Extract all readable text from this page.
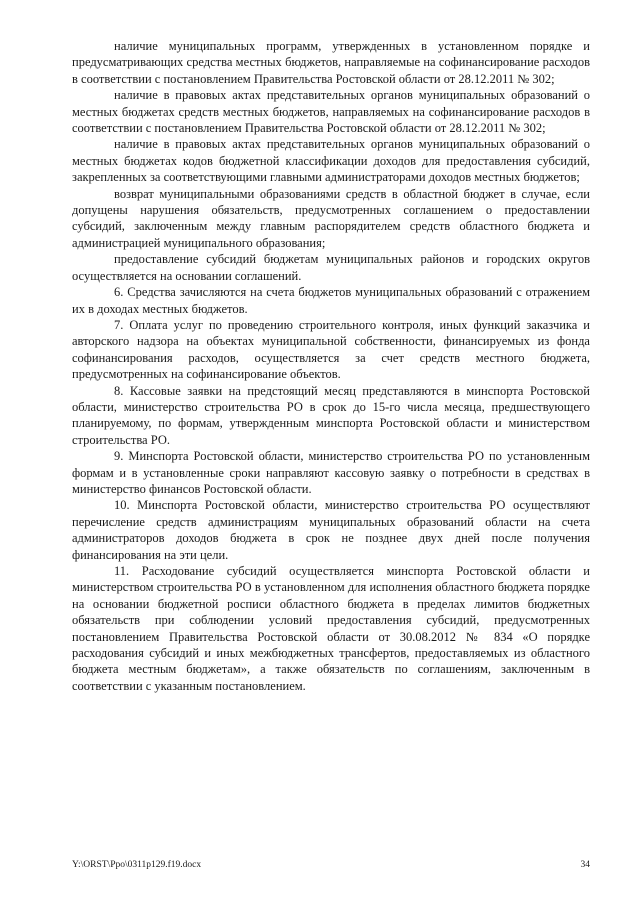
наличие муниципальных программ, утвержденных в установленном порядке и предусматривающих средства местных бюджетов, направляемые на софинансирование расходов в соответствии с постановлением Правительства Ростовской области от 28.12.2011 № 302;

наличие в правовых актах представительных органов муниципальных образований о местных бюджетах средств местных бюджетов, направляемых на софинансирование расходов в соответствии с постановлением Правительства Ростовской области от 28.12.2011 № 302;

наличие в правовых актах представительных органов муниципальных образований о местных бюджетах кодов бюджетной классификации доходов для предоставления субсидий, закрепленных за соответствующими главными администраторами доходов местных бюджетов;

возврат муниципальными образованиями средств в областной бюджет в случае, если допущены нарушения обязательств, предусмотренных соглашением о предоставлении субсидий, заключенным между главным распорядителем средств областного бюджета и администрацией муниципального образования;

предоставление субсидий бюджетам муниципальных районов и городских округов осуществляется на основании соглашений.

6. Средства зачисляются на счета бюджетов муниципальных образований с отражением их в доходах местных бюджетов.

7. Оплата услуг по проведению строительного контроля, иных функций заказчика и авторского надзора на объектах муниципальной собственности, финансируемых из фонда софинансирования расходов, осуществляется за счет средств местного бюджета, предусмотренных на софинансирование объектов.

8. Кассовые заявки на предстоящий месяц представляются в минспорта Ростовской области, министерство строительства РО в срок до 15-го числа месяца, предшествующего планируемому, по формам, утвержденным минспорта Ростовской области и министерством строительства РО.

9. Минспорта Ростовской области, министерство строительства РО по установленным формам и в установленные сроки направляют кассовую заявку о потребности в средствах в министерство финансов Ростовской области.

10. Минспорта Ростовской области, министерство строительства РО осуществляют перечисление средств администрациям муниципальных образований области на счета администраторов доходов бюджета в срок не позднее двух дней после получения финансирования на эти цели.

11. Расходование субсидий осуществляется минспорта Ростовской области и министерством строительства РО в установленном для исполнения областного бюджета порядке на основании бюджетной росписи областного бюджета в пределах лимитов бюджетных обязательств при соблюдении условий предоставления субсидий, предусмотренных постановлением Правительства Ростовской области от 30.08.2012 № 834 «О порядке расходования субсидий и иных межбюджетных трансфертов, предоставляемых из областного бюджета местным бюджетам», а также обязательств по соглашениям, заключенным в соответствии с указанным постановлением.

Y:\ORST\Ppo\0311p129.f19.docx	34
